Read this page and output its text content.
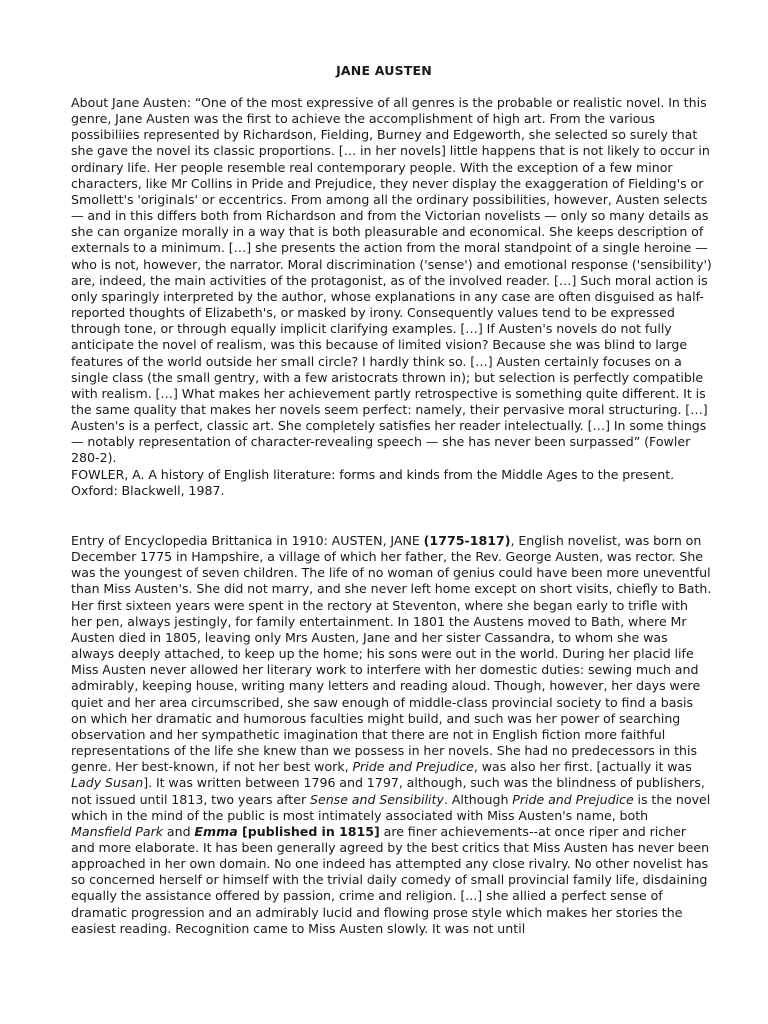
JANE AUSTEN
About Jane Austen: “One of the most expressive of all genres is the probable or realistic novel. In this genre, Jane Austen was the first to achieve the accomplishment of high art. From the various possibiliies represented by Richardson, Fielding, Burney and Edgeworth, she selected so surely that she gave the novel its classic proportions. [… in her novels] little happens that is not likely to occur in ordinary life. Her people resemble real contemporary people. With the exception of a few minor characters, like Mr Collins in Pride and Prejudice, they never display the exaggeration of Fielding's or Smollett's 'originals' or eccentrics. From among all the ordinary possibilities, however, Austen selects — and in this differs both from Richardson and from the Victorian novelists — only so many details as she can organize morally in a way that is both pleasurable and economical. She keeps description of externals to a minimum. […] she presents the action from the moral standpoint of a single heroine — who is not, however, the narrator. Moral discrimination ('sense') and emotional response ('sensibility') are, indeed, the main activities of the protagonist, as of the involved reader. […] Such moral action is only sparingly interpreted by the author, whose explanations in any case are often disguised as half-reported thoughts of Elizabeth's, or masked by irony. Consequently values tend to be expressed through tone, or through equally implicit clarifying examples. […] If Austen's novels do not fully anticipate the novel of realism, was this because of limited vision? Because she was blind to large features of the world outside her small circle? I hardly think so. […] Austen certainly focuses on a single class (the small gentry, with a few aristocrats thrown in); but selection is perfectly compatible with realism. […] What makes her achievement partly retrospective is something quite different. It is the same quality that makes her novels seem perfect: namely, their pervasive moral structuring. […] Austen's is a perfect, classic art. She completely satisfies her reader intelectually. […] In some things — notably representation of character-revealing speech — she has never been surpassed” (Fowler 280-2).
FOWLER, A. A history of English literature: forms and kinds from the Middle Ages to the present. Oxford: Blackwell, 1987.
Entry of Encyclopedia Brittanica in 1910: AUSTEN, JANE (1775-1817), English novelist, was born on December 1775 in Hampshire, a village of which her father, the Rev. George Austen, was rector. She was the youngest of seven children. The life of no woman of genius could have been more uneventful than Miss Austen's. She did not marry, and she never left home except on short visits, chiefly to Bath. Her first sixteen years were spent in the rectory at Steventon, where she began early to trifle with her pen, always jestingly, for family entertainment. In 1801 the Austens moved to Bath, where Mr Austen died in 1805, leaving only Mrs Austen, Jane and her sister Cassandra, to whom she was always deeply attached, to keep up the home; his sons were out in the world. During her placid life Miss Austen never allowed her literary work to interfere with her domestic duties: sewing much and admirably, keeping house, writing many letters and reading aloud. Though, however, her days were quiet and her area circumscribed, she saw enough of middle-class provincial society to find a basis on which her dramatic and humorous faculties might build, and such was her power of searching observation and her sympathetic imagination that there are not in English fiction more faithful representations of the life she knew than we possess in her novels. She had no predecessors in this genre. Her best-known, if not her best work, Pride and Prejudice, was also her first. [actually it was Lady Susan]. It was written between 1796 and 1797, although, such was the blindness of publishers, not issued until 1813, two years after Sense and Sensibility. Although Pride and Prejudice is the novel which in the mind of the public is most intimately associated with Miss Austen's name, both Mansfield Park and Emma [published in 1815] are finer achievements--at once riper and richer and more elaborate. It has been generally agreed by the best critics that Miss Austen has never been approached in her own domain. No one indeed has attempted any close rivalry. No other novelist has so concerned herself or himself with the trivial daily comedy of small provincial family life, disdaining equally the assistance offered by passion, crime and religion. [...] she allied a perfect sense of dramatic progression and an admirably lucid and flowing prose style which makes her stories the easiest reading. Recognition came to Miss Austen slowly. It was not until
